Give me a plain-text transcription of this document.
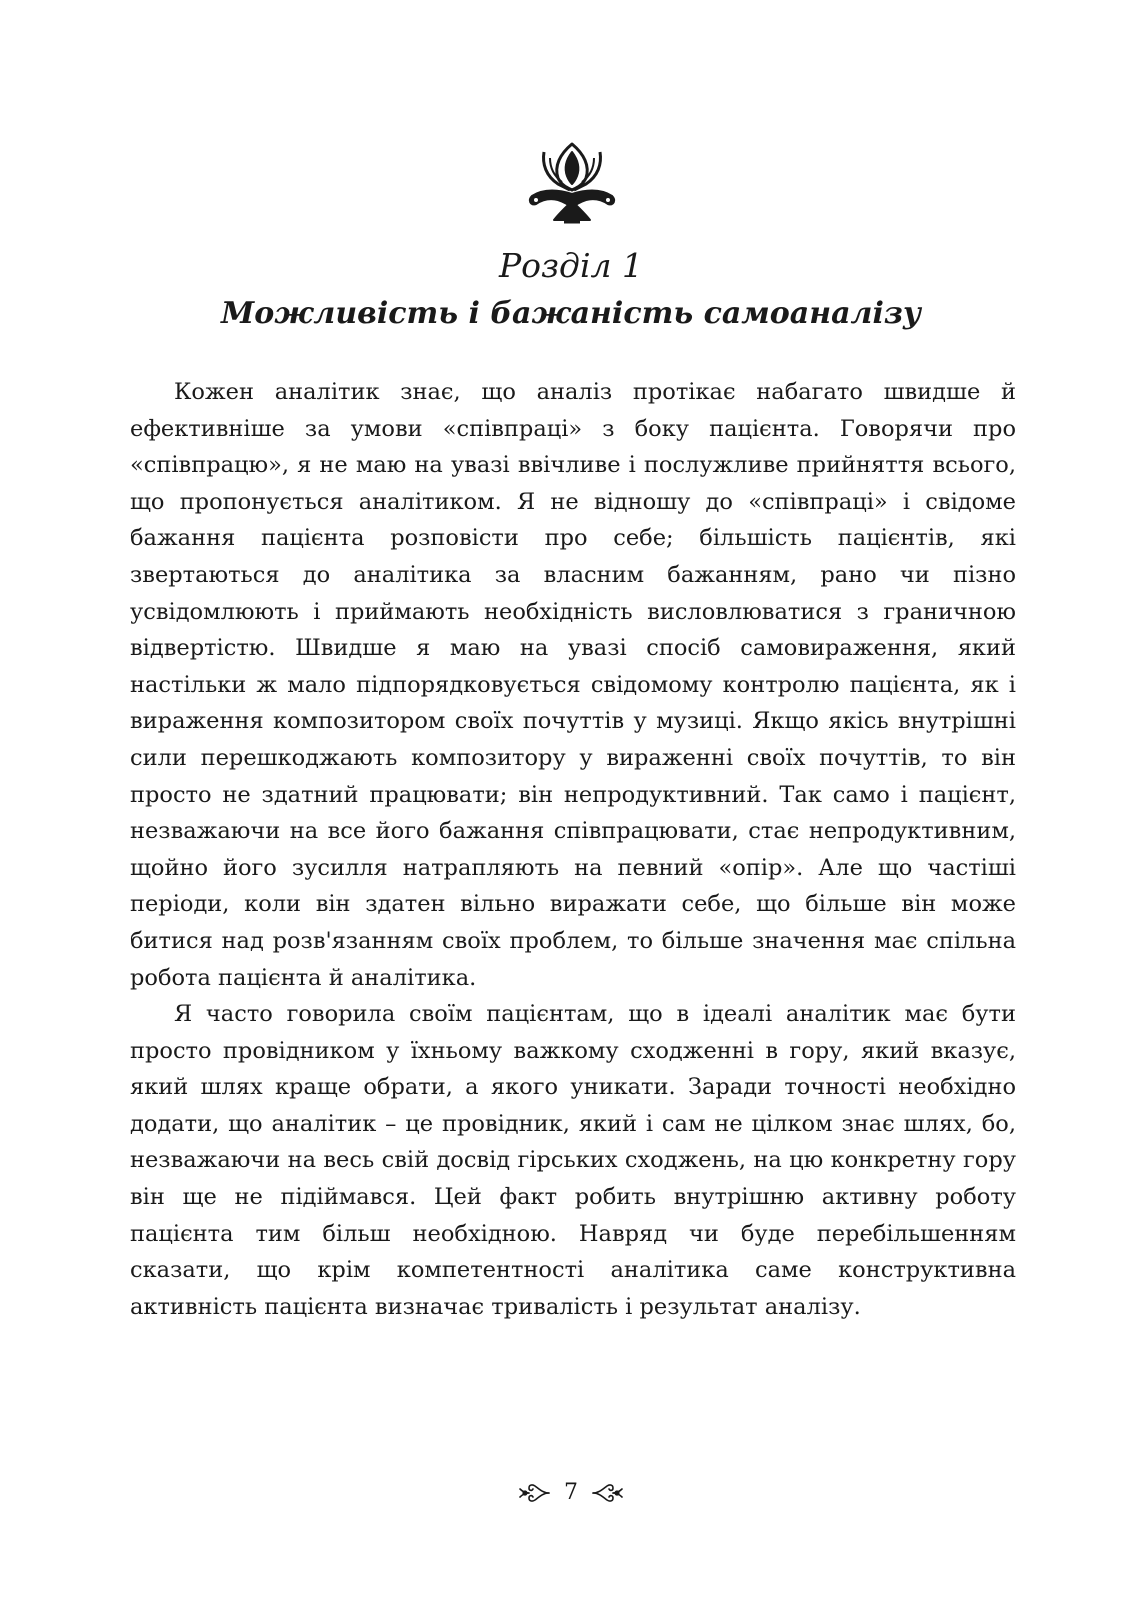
Розділ 1
Можливість і бажаність самоаналізу

Кожен аналітик знає, що аналіз протікає набагато швидше й ефективніше за умови «співпраці» з боку пацієнта. Говорячи про «співпрацю», я не маю на увазі ввічливе і послужливе прийняття всього, що пропонується аналітиком. Я не відношу до «співпраці» і свідоме бажання пацієнта розповісти про себе; більшість пацієнтів, які звертаються до аналітика за власним бажанням, рано чи пізно усвідомлюють і приймають необхідність висловлюватися з граничною відвертістю. Швидше я маю на увазі спосіб самовираження, який настільки ж мало підпорядковується свідомому контролю пацієнта, як і вираження композитором своїх почуттів у музиці. Якщо якісь внутрішні сили перешкоджають композитору у вираженні своїх почуттів, то він просто не здатний працювати; він непродуктивний. Так само і пацієнт, незважаючи на все його бажання співпрацювати, стає непродуктивним, щойно його зусилля натрапляють на певний «опір». Але що частіші періоди, коли він здатен вільно виражати себе, що більше він може битися над розв'язанням своїх проблем, то більше значення має спільна робота пацієнта й аналітика.

Я часто говорила своїм пацієнтам, що в ідеалі аналітик має бути просто провідником у їхньому важкому сходженні в гору, який вказує, який шлях краще обрати, а якого уникати. Заради точності необхідно додати, що аналітик – це провідник, який і сам не цілком знає шлях, бо, незважаючи на весь свій досвід гірських сходжень, на цю конкретну гору він ще не підіймався. Цей факт робить внутрішню активну роботу пацієнта тим більш необхідною. Навряд чи буде перебільшенням сказати, що крім компетентності аналітика саме конструктивна активність пацієнта визначає тривалість і результат аналізу.

7
